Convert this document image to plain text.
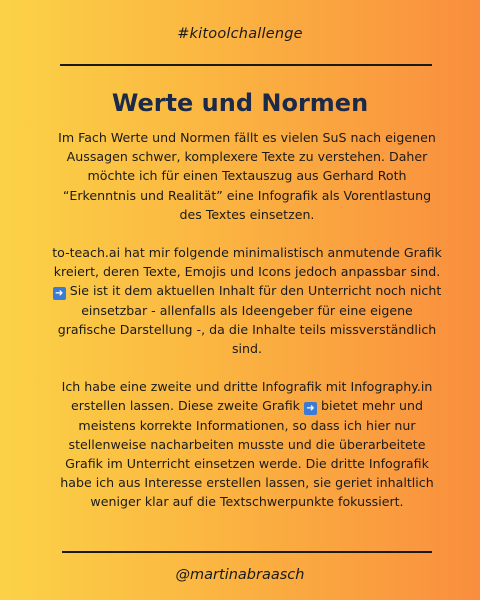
#kitoolchallenge
Werte und Normen

Im Fach Werte und Normen fällt es vielen SuS nach eigenen Aussagen schwer, komplexere Texte zu verstehen. Daher möchte ich für einen Textauszug aus Gerhard Roth “Erkenntnis und Realität” eine Infografik als Vorentlastung des Textes einsetzen.

to-teach.ai hat mir folgende minimalistisch anmutende Grafik kreiert, deren Texte, Emojis und Icons jedoch anpassbar sind. ➜ Sie ist it dem aktuellen Inhalt für den Unterricht noch nicht einsetzbar - allenfalls als Ideengeber für eine eigene grafische Darstellung -, da die Inhalte teils missverständlich sind.

Ich habe eine zweite und dritte Infografik mit Infography.in erstellen lassen. Diese zweite Grafik ➜ bietet mehr und meistens korrekte Informationen, so dass ich hier nur stellenweise nacharbeiten musste und die überarbeitete Grafik im Unterricht einsetzen werde. Die dritte Infografik habe ich aus Interesse erstellen lassen, sie geriet inhaltlich weniger klar auf die Textschwerpunkte fokussiert.

@martinabraasch
